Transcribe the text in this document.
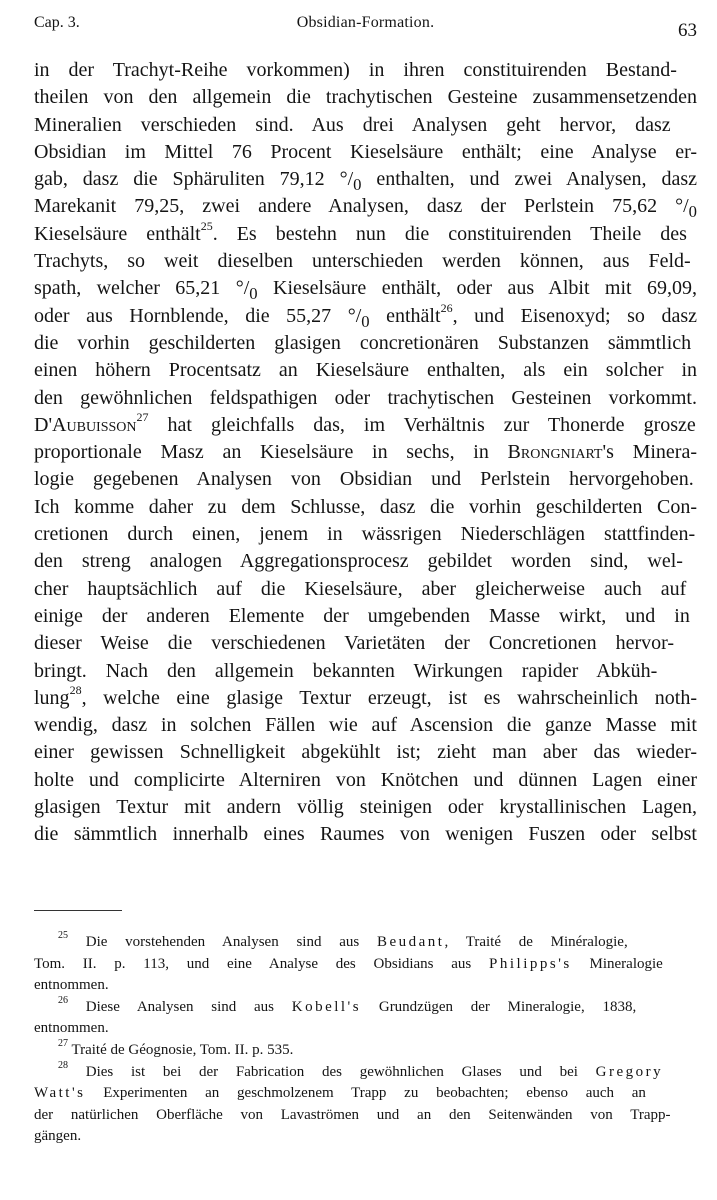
Cap. 3.	Obsidian-Formation.	63
in der Trachyt-Reihe vorkommen) in ihren constituirenden Bestand-
theilen von den allgemein die trachytischen Gesteine zusammensetzenden
Mineralien verschieden sind. Aus drei Analysen geht hervor, dasz
Obsidian im Mittel 76 Procent Kieselsäure enthält; eine Analyse er-
gab, dasz die Sphäruliten 79,12 $^\circ/_0$ enthalten, und zwei Analysen, dasz
Marekanit 79,25, zwei andere Analysen, dasz der Perlstein 75,62 $^\circ/_0$
Kieselsäure enthält$^{25}$. Es bestehn nun die constituirenden Theile des
Trachyts, so weit dieselben unterschieden werden können, aus Feld-
spath, welcher 65,21 $^\circ/_0$ Kieselsäure enthält, oder aus Albit mit 69,09,
oder aus Hornblende, die 55,27 $^\circ/_0$ enthält$^{26}$, und Eisenoxyd; so dasz
die vorhin geschilderten glasigen concretionären Substanzen sämmtlich
einen höhern Procentsatz an Kieselsäure enthalten, als ein solcher in
den gewöhnlichen feldspathigen oder trachytischen Gesteinen vorkommt.
D'Aubuisson$^{27}$ hat gleichfalls das, im Verhältnis zur Thonerde grosze
proportionale Masz an Kieselsäure in sechs, in Brongniart's Minera-
logie gegebenen Analysen von Obsidian und Perlstein hervorgehoben.
Ich komme daher zu dem Schlusse, dasz die vorhin geschilderten Con-
cretionen durch einen, jenem in wässrigen Niederschlägen stattfinden-
den streng analogen Aggregationsprocesz gebildet worden sind, wel-
cher hauptsächlich auf die Kieselsäure, aber gleicherweise auch auf
einige der anderen Elemente der umgebenden Masse wirkt, und in
dieser Weise die verschiedenen Varietäten der Concretionen hervor-
bringt. Nach den allgemein bekannten Wirkungen rapider Abküh-
lung$^{28}$, welche eine glasige Textur erzeugt, ist es wahrscheinlich noth-
wendig, dasz in solchen Fällen wie auf Ascension die ganze Masse mit
einer gewissen Schnelligkeit abgekühlt ist; zieht man aber das wieder-
holte und complicirte Alterniren von Knötchen und dünnen Lagen einer
glasigen Textur mit andern völlig steinigen oder krystallinischen Lagen,
die sämmtlich innerhalb eines Raumes von wenigen Fuszen oder selbst
$^{25}$ Die vorstehenden Analysen sind aus Beudant, Traité de Minéralogie,
Tom. II. p. 113, und eine Analyse des Obsidians aus Philipps's Mineralogie
entnommen.
$^{26}$ Diese Analysen sind aus Kobell's Grundzügen der Mineralogie, 1838,
entnommen.
$^{27}$ Traité de Géognosie, Tom. II. p. 535.
$^{28}$ Dies ist bei der Fabrication des gewöhnlichen Glases und bei Gregory
Watt's Experimenten an geschmolzenem Trapp zu beobachten; ebenso auch an
der natürlichen Oberfläche von Lavaströmen und an den Seitenwänden von Trapp-
gängen.
